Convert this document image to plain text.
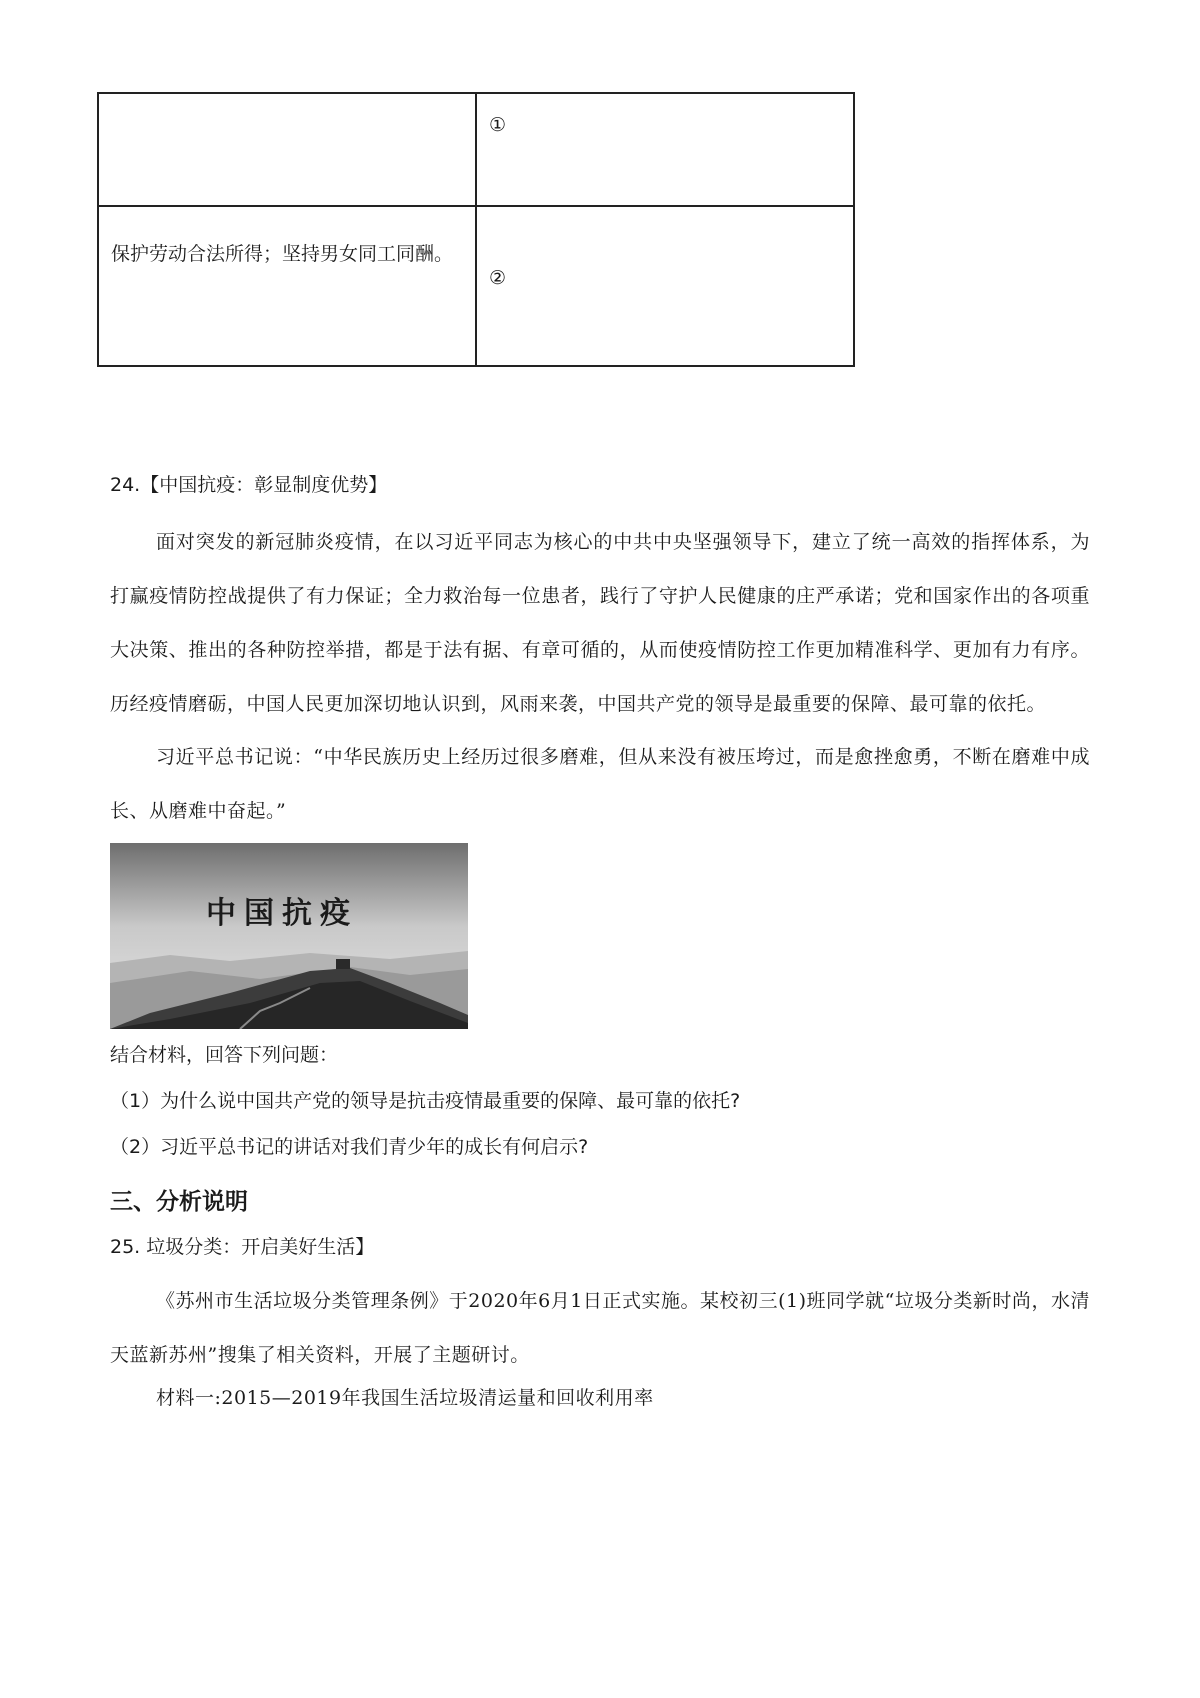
	①

保护劳动合法所得；坚持男女同工同酬。	②
24.【中国抗疫：彰显制度优势】
面对突发的新冠肺炎疫情，在以习近平同志为核心的中共中央坚强领导下，建立了统一高效的指挥体系，为打赢疫情防控战提供了有力保证；全力救治每一位患者，践行了守护人民健康的庄严承诺；党和国家作出的各项重大决策、推出的各种防控举措，都是于法有据、有章可循的，从而使疫情防控工作更加精准科学、更加有力有序。历经疫情磨砺，中国人民更加深切地认识到，风雨来袭，中国共产党的领导是最重要的保障、最可靠的依托。
习近平总书记说：“中华民族历史上经历过很多磨难，但从来没有被压垮过，而是愈挫愈勇，不断在磨难中成长、从磨难中奋起。”
中国抗疫
结合材料，回答下列问题：
（1）为什么说中国共产党的领导是抗击疫情最重要的保障、最可靠的依托?
（2）习近平总书记的讲话对我们青少年的成长有何启示?
三、分析说明
25. 垃圾分类：开启美好生活】
《苏州市生活垃圾分类管理条例》于2020年6月1日正式实施。某校初三(1)班同学就“垃圾分类新时尚，水清天蓝新苏州”搜集了相关资料，开展了主题研讨。
材料一:2015—2019年我国生活垃圾清运量和回收利用率
